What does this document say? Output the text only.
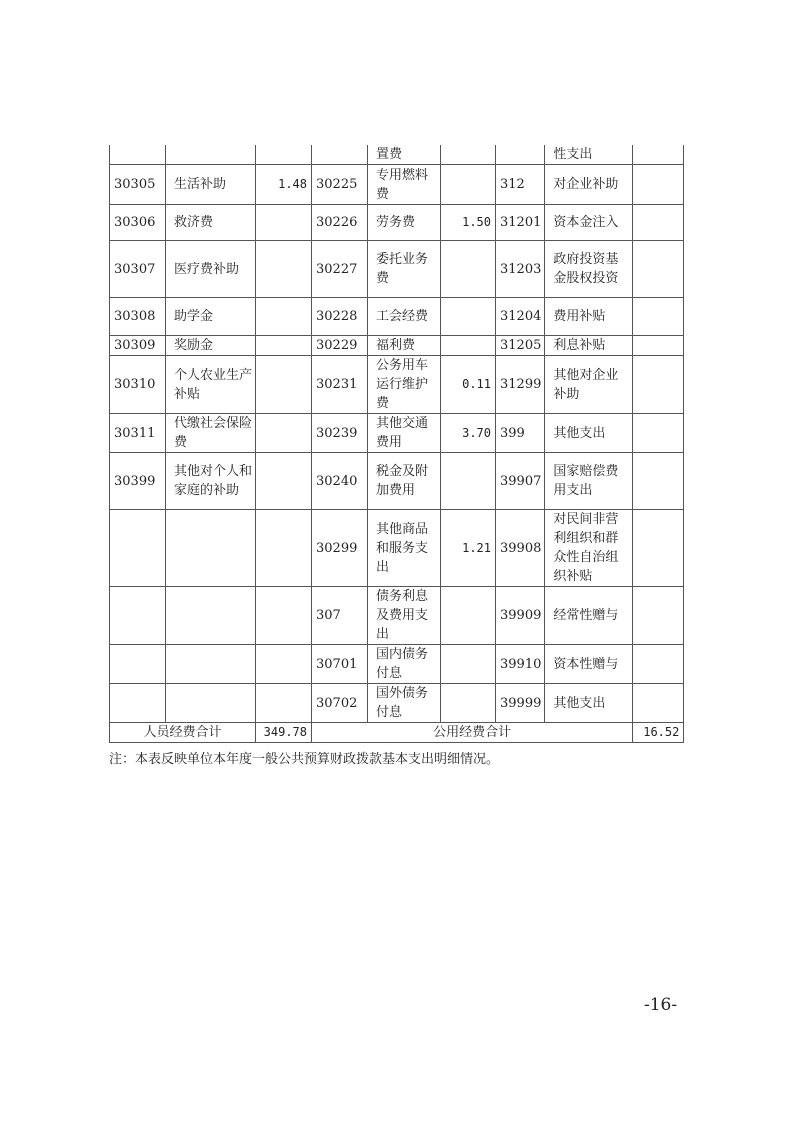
				置费			性支出	
30305	生活补助	1.48	30225	专用燃料费		312	对企业补助	
30306	救济费		30226	劳务费	1.50	31201	资本金注入	
30307	医疗费补助		30227	委托业务费		31203	政府投资基金股权投资	
30308	助学金		30228	工会经费		31204	费用补贴	
30309	奖励金		30229	福利费		31205	利息补贴	
30310	个人农业生产补贴		30231	公务用车运行维护费	0.11	31299	其他对企业补助	
30311	代缴社会保险费		30239	其他交通费用	3.70	399	其他支出	
30399	其他对个人和家庭的补助		30240	税金及附加费用		39907	国家赔偿费用支出	
			30299	其他商品和服务支出	1.21	39908	对民间非营利组织和群众性自治组织补贴	
			307	债务利息及费用支出		39909	经常性赠与	
			30701	国内债务付息		39910	资本性赠与	
			30702	国外债务付息		39999	其他支出	
人员经费合计		349.78	公用经费合计					16.52

注：本表反映单位本年度一般公共预算财政拨款基本支出明细情况。

-16-
